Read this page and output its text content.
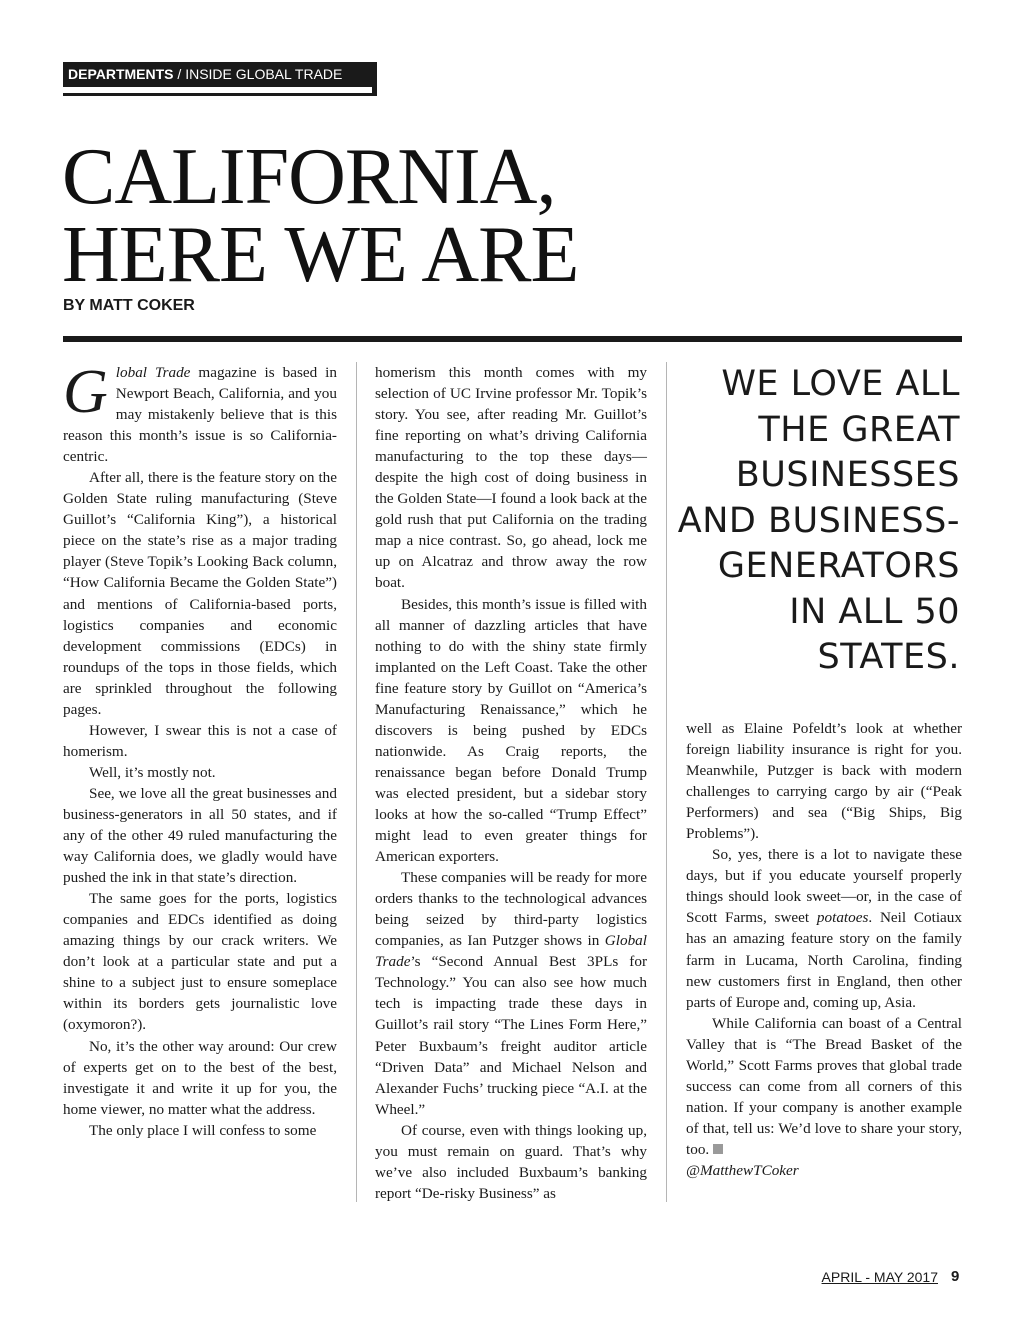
DEPARTMENTS / INSIDE GLOBAL TRADE
CALIFORNIA,
HERE WE ARE
BY MATT COKER

Global Trade magazine is based in Newport Beach, California, and you may mistakenly believe that is this reason this month’s issue is so California-centric.

After all, there is the feature story on the Golden State ruling manufacturing (Steve Guillot’s “California King”), a historical piece on the state’s rise as a major trading player (Steve Topik’s Looking Back column, “How California Became the Golden State”) and mentions of California-based ports, logistics companies and economic development commissions (EDCs) in roundups of the tops in those fields, which are sprinkled throughout the following pages.

However, I swear this is not a case of homerism.

Well, it’s mostly not.

See, we love all the great businesses and business-generators in all 50 states, and if any of the other 49 ruled manufacturing the way California does, we gladly would have pushed the ink in that state’s direction.

The same goes for the ports, logistics companies and EDCs identified as doing amazing things by our crack writers. We don’t look at a particular state and put a shine to a subject just to ensure someplace within its borders gets journalistic love (oxymoron?).

No, it’s the other way around: Our crew of experts get on to the best of the best, investigate it and write it up for you, the home viewer, no matter what the address.

The only place I will confess to some

homerism this month comes with my selection of UC Irvine professor Mr. Topik’s story. You see, after reading Mr. Guillot’s fine reporting on what’s driving California manufacturing to the top these days—despite the high cost of doing business in the Golden State—I found a look back at the gold rush that put California on the trading map a nice contrast. So, go ahead, lock me up on Alcatraz and throw away the row boat.

Besides, this month’s issue is filled with all manner of dazzling articles that have nothing to do with the shiny state firmly implanted on the Left Coast. Take the other fine feature story by Guillot on “America’s Manufacturing Renaissance,” which he discovers is being pushed by EDCs nationwide. As Craig reports, the renaissance began before Donald Trump was elected president, but a sidebar story looks at how the so-called “Trump Effect” might lead to even greater things for American exporters.

These companies will be ready for more orders thanks to the technological advances being seized by third-party logistics companies, as Ian Putzger shows in Global Trade’s “Second Annual Best 3PLs for Technology.” You can also see how much tech is impacting trade these days in Guillot’s rail story “The Lines Form Here,” Peter Buxbaum’s freight auditor article “Driven Data” and Michael Nelson and Alexander Fuchs’ trucking piece “A.I. at the Wheel.”

Of course, even with things looking up, you must remain on guard. That’s why we’ve also included Buxbaum’s banking report “De-risky Business” as

WE LOVE ALL THE GREAT BUSINESSES AND BUSINESS-GENERATORS IN ALL 50 STATES.

well as Elaine Pofeldt’s look at whether foreign liability insurance is right for you. Meanwhile, Putzger is back with modern challenges to carrying cargo by air (“Peak Performers) and sea (“Big Ships, Big Problems”).

So, yes, there is a lot to navigate these days, but if you educate yourself properly things should look sweet—or, in the case of Scott Farms, sweet potatoes. Neil Cotiaux has an amazing feature story on the family farm in Lucama, North Carolina, finding new customers first in England, then other parts of Europe and, coming up, Asia.

While California can boast of a Central Valley that is “The Bread Basket of the World,” Scott Farms proves that global trade success can come from all corners of this nation. If your company is another example of that, tell us: We’d love to share your story, too.

@MatthewTCoker

APRIL - MAY 2017 9
